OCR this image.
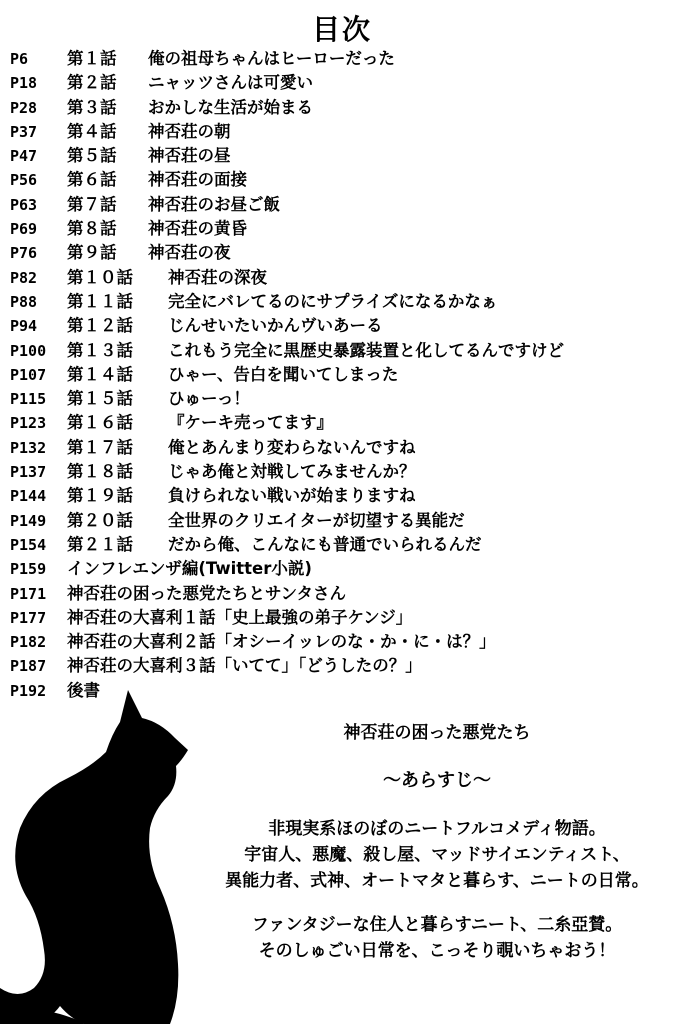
目次
P6	第１話 俺の祖母ちゃんはヒーローだった
P18	第２話 ニャッツさんは可愛い
P28	第３話 おかしな生活が始まる
P37	第４話 神否荘の朝
P47	第５話 神否荘の昼
P56	第６話 神否荘の面接
P63	第７話 神否荘のお昼ご飯
P69	第８話 神否荘の黄昏
P76	第９話 神否荘の夜
P82	第１０話 神否荘の深夜
P88	第１１話 完全にバレてるのにサプライズになるかなぁ
P94	第１２話 じんせいたいかんヴいあーる
P100	第１３話 これもう完全に黒歴史暴露装置と化してるんですけど
P107	第１４話 ひゃー、告白を聞いてしまった
P115	第１５話 ひゅーっ！
P123	第１６話 『ケーキ売ってます』
P132	第１７話 俺とあんまり変わらないんですね
P137	第１８話 じゃあ俺と対戦してみませんか？
P144	第１９話 負けられない戦いが始まりますね
P149	第２０話 全世界のクリエイターが切望する異能だ
P154	第２１話 だから俺、こんなにも普通でいられるんだ
P159	インフレエンザ編(Twitter小説)
P171	神否荘の困った悪党たちとサンタさん
P177	神否荘の大喜利１話「史上最強の弟子ケンジ」
P182	神否荘の大喜利２話「オシーイッレのな・か・に・は？」
P187	神否荘の大喜利３話「いてて」「どうしたの？」
P192	後書
神否荘の困った悪党たち
～あらすじ～
非現実系ほのぼのニートフルコメディ物語。
宇宙人、悪魔、殺し屋、マッドサイエンティスト、
異能力者、式神、オートマタと暮らす、ニートの日常。
ファンタジーな住人と暮らすニート、二糸亞賛。
そのしゅごい日常を、こっそり覗いちゃおう！
